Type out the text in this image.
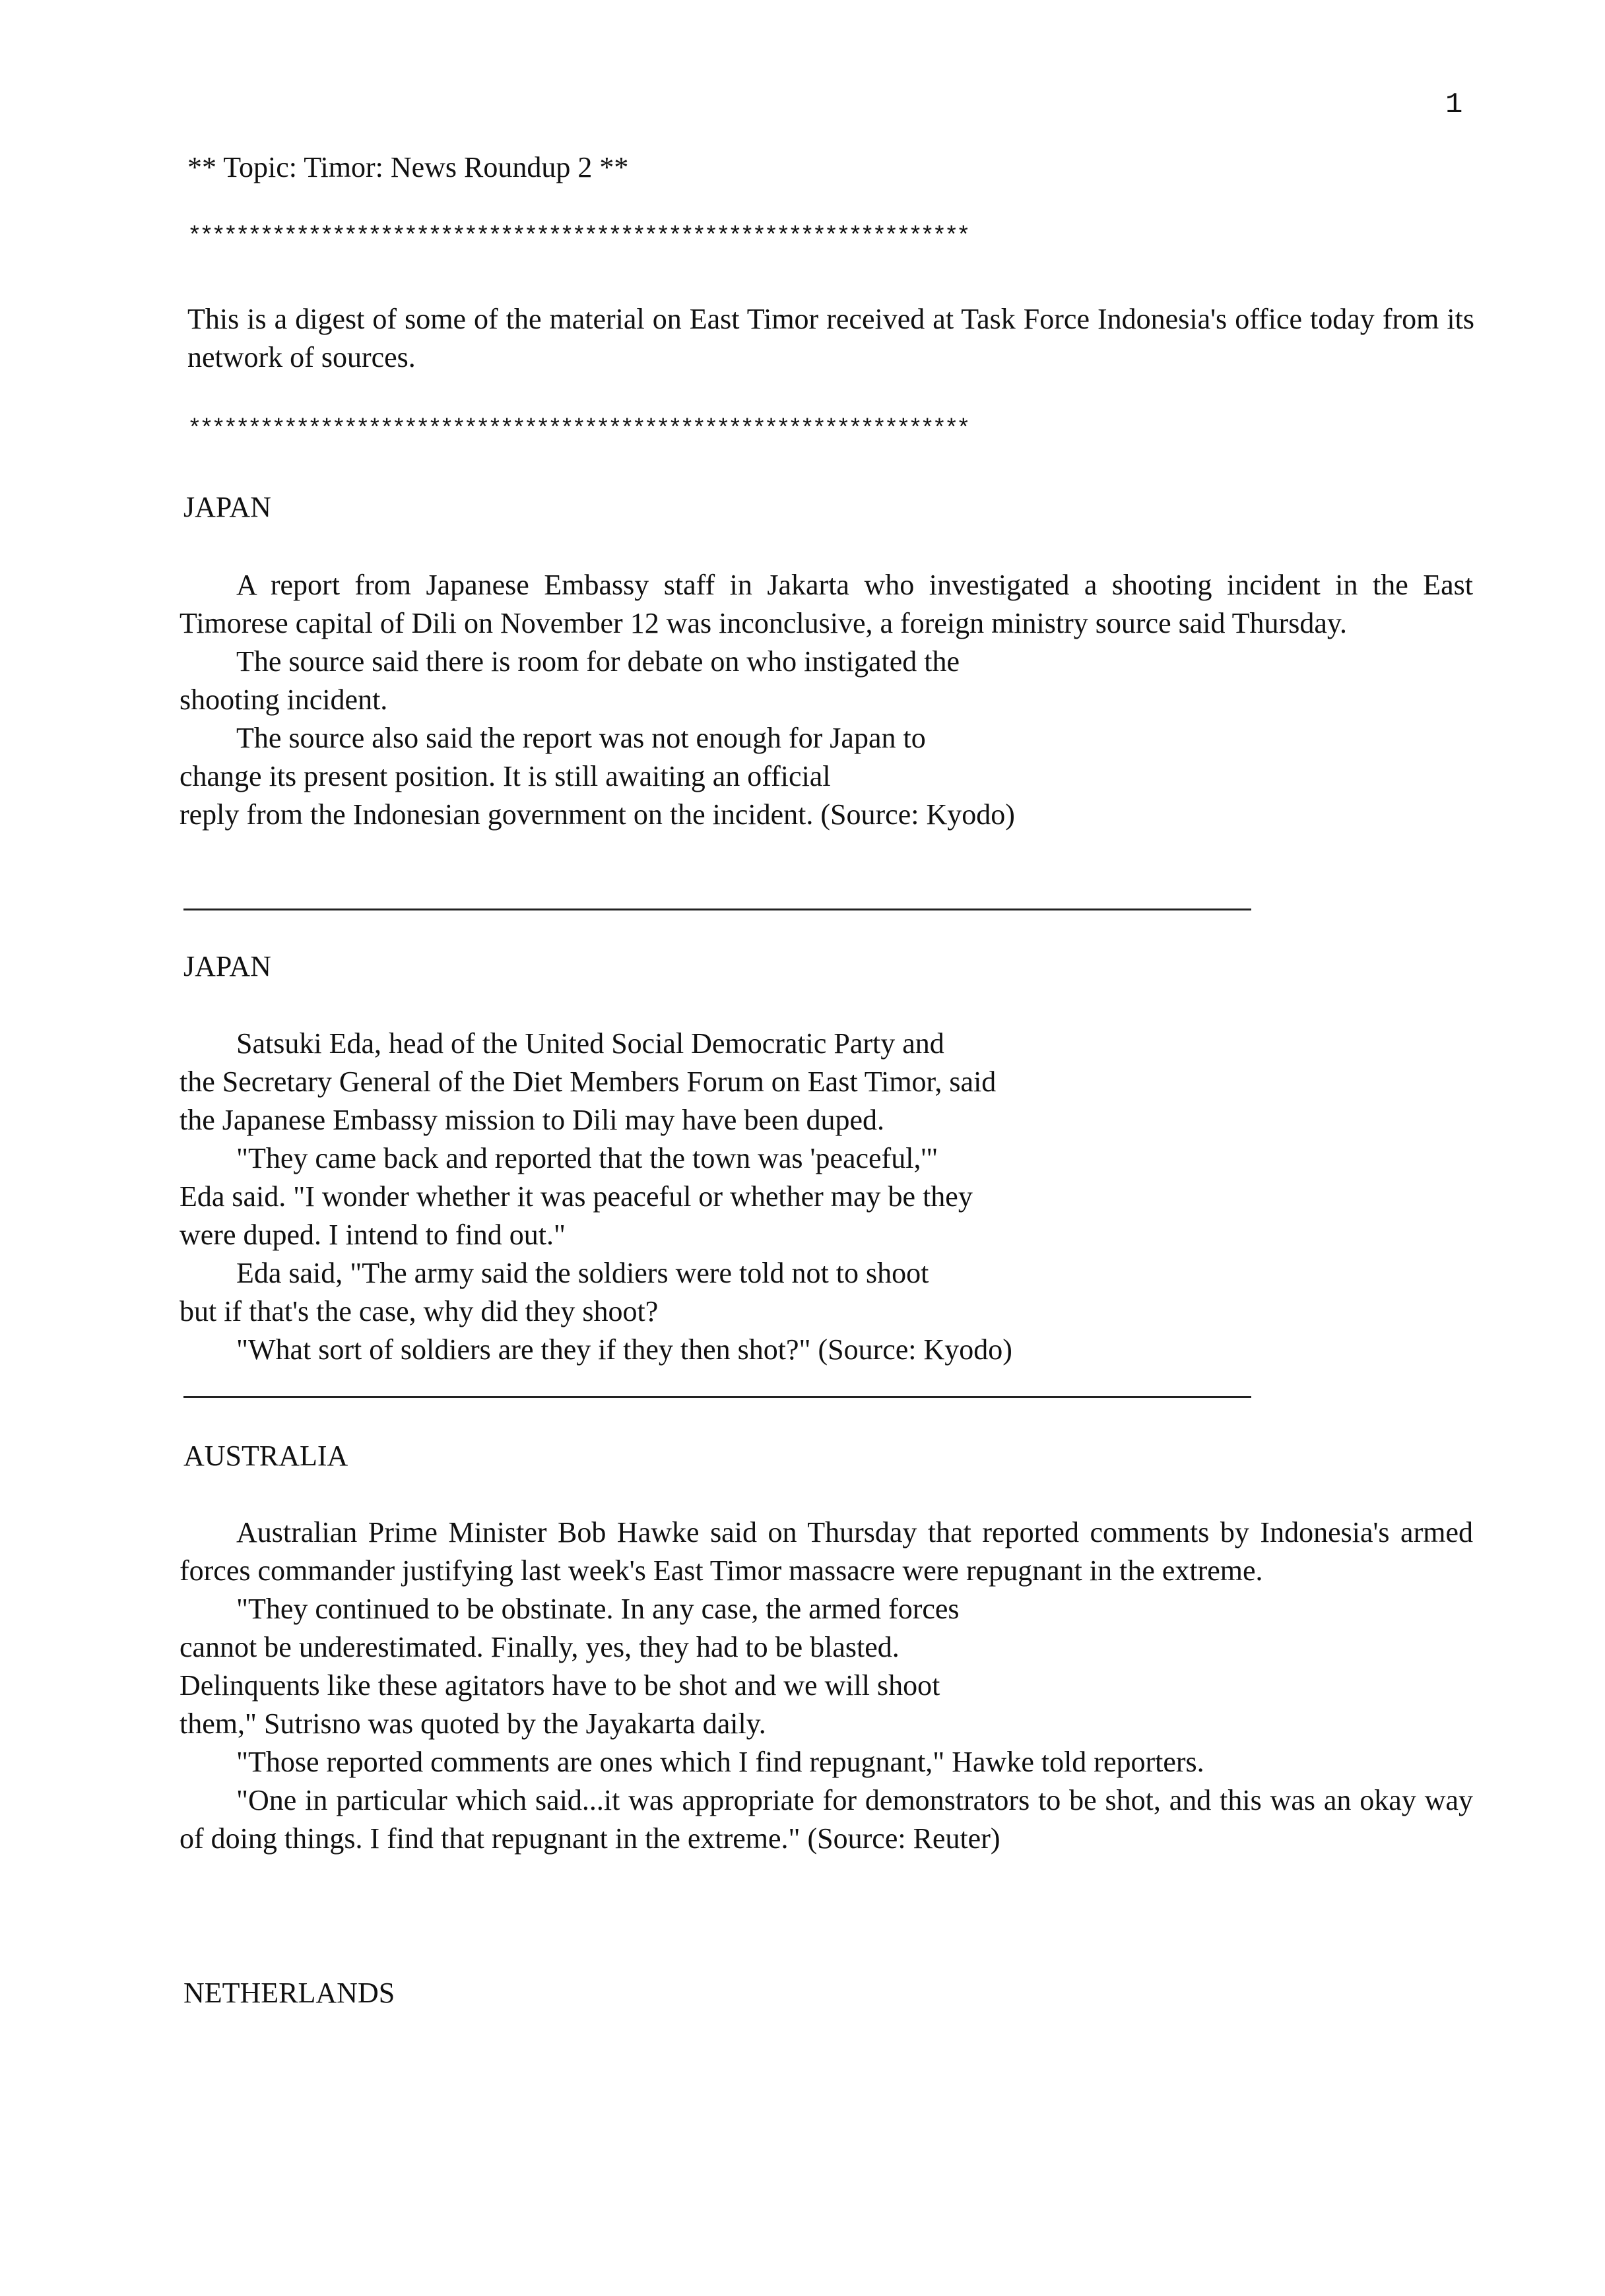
1
** Topic: Timor: News Roundup 2 **
*****************************************************************
This is a digest of some of the material on East Timor received at Task Force Indonesia's office today from its network of sources.
*****************************************************************
JAPAN
A report from Japanese Embassy staff in Jakarta who investigated a shooting incident in the East Timorese capital of Dili on November 12 was inconclusive, a foreign ministry source said Thursday.
The source said there is room for debate on who instigated the
shooting incident.
The source also said the report was not enough for Japan to
change its present position. It is still awaiting an official
reply from the Indonesian government on the incident. (Source: Kyodo)
JAPAN
Satsuki Eda, head of the United Social Democratic Party and
the Secretary General of the Diet Members Forum on East Timor, said
the Japanese Embassy mission to Dili may have been duped.
"They came back and reported that the town was 'peaceful,'"
Eda said. "I wonder whether it was peaceful or whether may be they
were duped. I intend to find out."
Eda said, "The army said the soldiers were told not to shoot
but if that's the case, why did they shoot?
"What sort of soldiers are they if they then shot?" (Source: Kyodo)
AUSTRALIA
Australian Prime Minister Bob Hawke said on Thursday that reported comments by Indonesia's armed forces commander justifying last week's East Timor massacre were repugnant in the extreme.
"They continued to be obstinate. In any case, the armed forces
cannot be underestimated. Finally, yes, they had to be blasted.
Delinquents like these agitators have to be shot and we will shoot
them," Sutrisno was quoted by the Jayakarta daily.
"Those reported comments are ones which I find repugnant," Hawke told reporters.
"One in particular which said...it was appropriate for demonstrators to be shot, and this was an okay way of doing things. I find that repugnant in the extreme." (Source: Reuter)
NETHERLANDS
